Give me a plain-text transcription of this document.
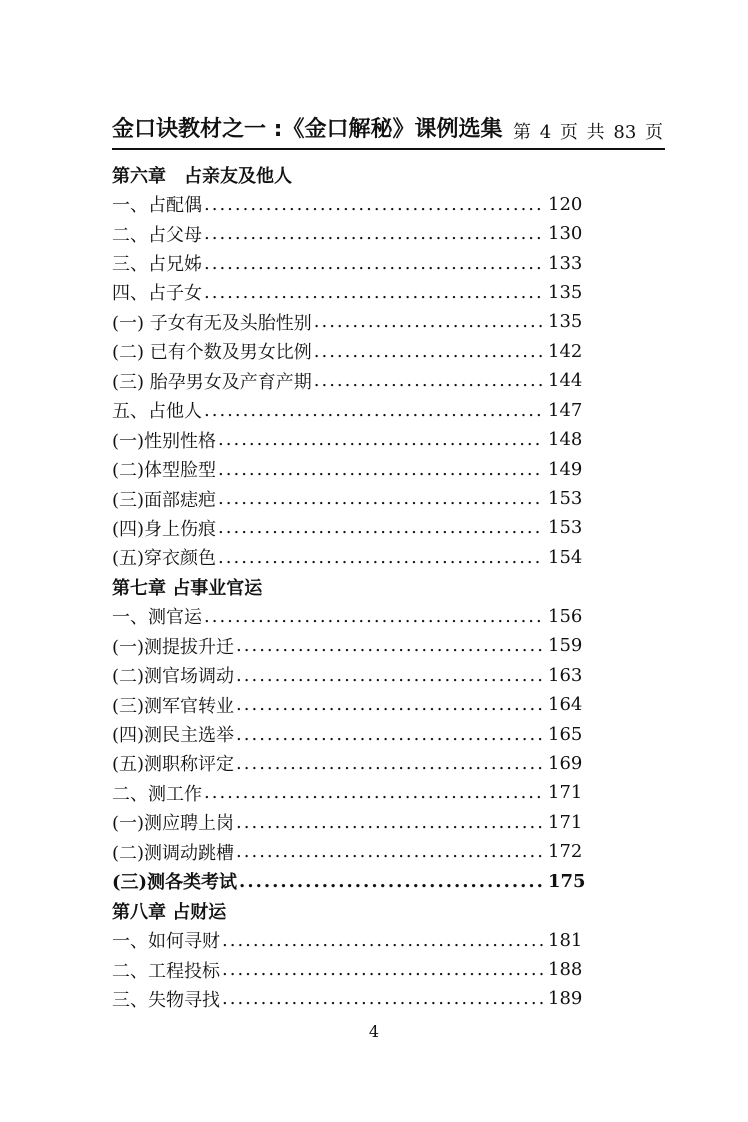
金口诀教材之一 :《金口解秘》课例选集 第 4 页 共 83 页
第六章　占亲友及他人
一、占配偶 .....	120
二、占父母 .....	130
三、占兄姊 .....	133
四、占子女 .....	135
(一) 子女有无及头胎性别 .....	135
(二) 已有个数及男女比例 .....	142
(三) 胎孕男女及产育产期 .....	144
五、占他人 .....	147
(一)性别性格 .....	148
(二)体型脸型 .....	149
(三)面部痣疤 .....	153
(四)身上伤痕 .....	153
(五)穿衣颜色 .....	154
第七章 占事业官运
一、测官运 .....	156
(一)测提拔升迁 .....	159
(二)测官场调动 .....	163
(三)测军官转业 .....	164
(四)测民主选举 .....	165
(五)测职称评定 .....	169
二、测工作 .....	171
(一)测应聘上岗 .....	171
(二)测调动跳槽 .....	172
(三)测各类考试 .....	175
第八章 占财运
一、如何寻财 .....	181
二、工程投标 .....	188
三、失物寻找 .....	189
4
